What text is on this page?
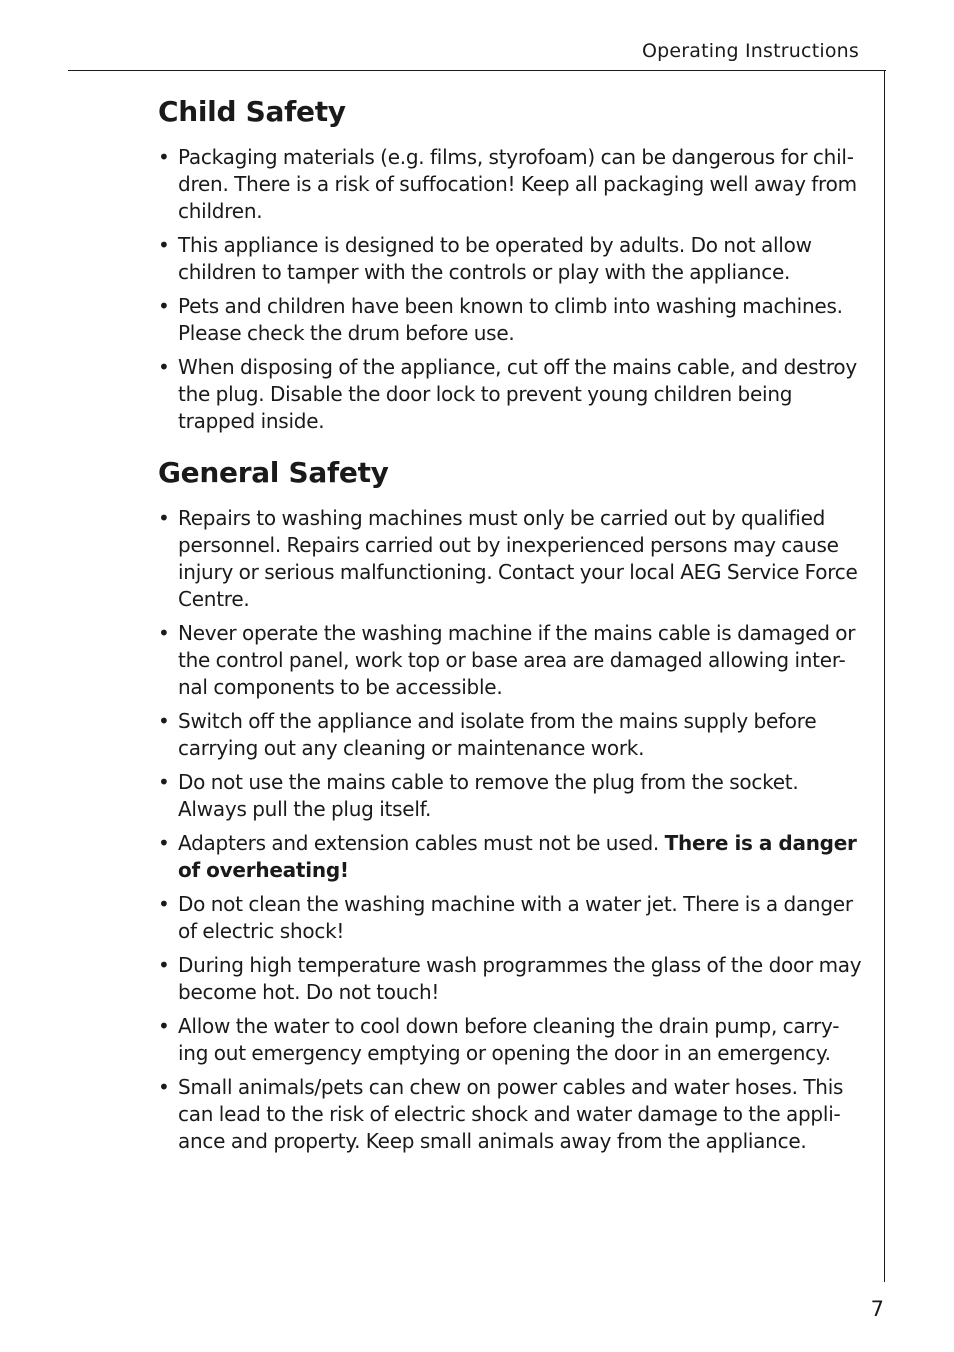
Operating Instructions
Child Safety
• Packaging materials (e.g. films, styrofoam) can be dangerous for chil-dren. There is a risk of suffocation! Keep all packaging well away from children.
• This appliance is designed to be operated by adults. Do not allow children to tamper with the controls or play with the appliance.
• Pets and children have been known to climb into washing machines. Please check the drum before use.
• When disposing of the appliance, cut off the mains cable, and destroy the plug. Disable the door lock to prevent young children being trapped inside.
General Safety
• Repairs to washing machines must only be carried out by qualified personnel. Repairs carried out by inexperienced persons may cause injury or serious malfunctioning. Contact your local AEG Service Force Centre.
• Never operate the washing machine if the mains cable is damaged or the control panel, work top or base area are damaged allowing inter-nal components to be accessible.
• Switch off the appliance and isolate from the mains supply before carrying out any cleaning or maintenance work.
• Do not use the mains cable to remove the plug from the socket. Always pull the plug itself.
• Adapters and extension cables must not be used. There is a danger of overheating!
• Do not clean the washing machine with a water jet. There is a danger of electric shock!
• During high temperature wash programmes the glass of the door may become hot. Do not touch!
• Allow the water to cool down before cleaning the drain pump, carry-ing out emergency emptying or opening the door in an emergency.
• Small animals/pets can chew on power cables and water hoses. This can lead to the risk of electric shock and water damage to the appli-ance and property. Keep small animals away from the appliance.
7
